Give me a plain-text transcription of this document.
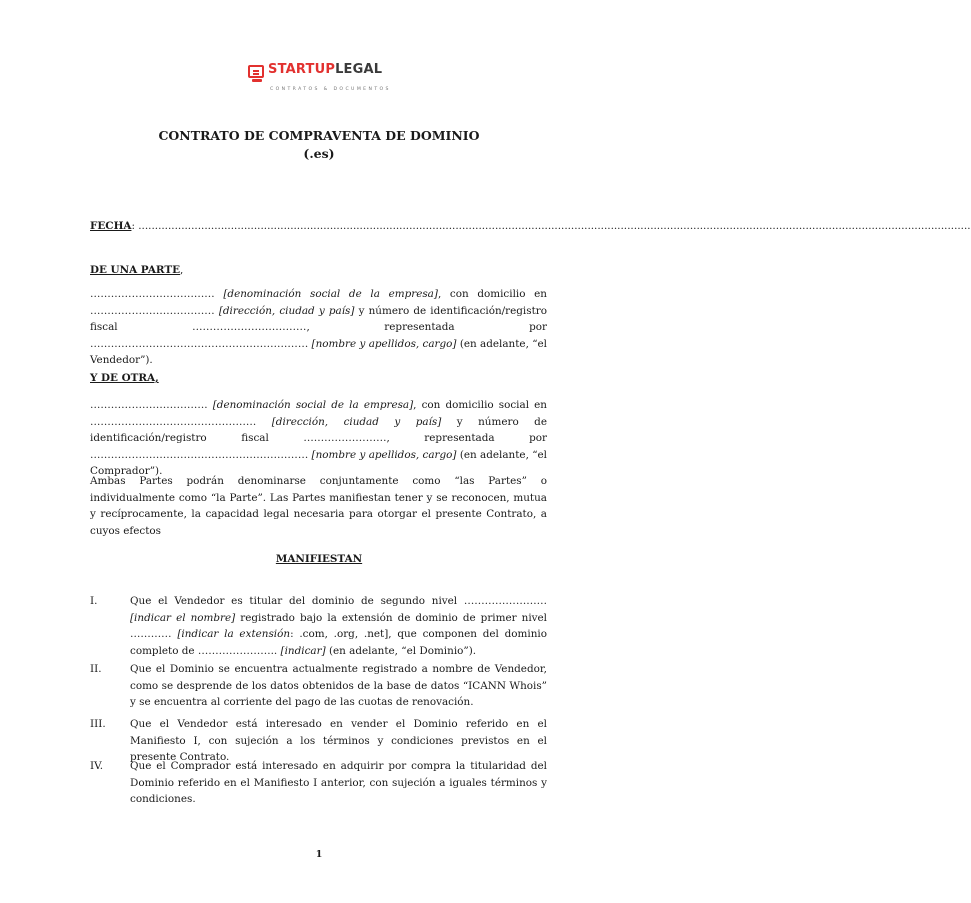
STARTUPLEGAL
CONTRATOS & DOCUMENTOS
CONTRATO DE COMPRAVENTA DE DOMINIO
(.es)
FECHA: ............................................................................................................................................................................................................................................................
DE UNA PARTE,
……………………………… [denominación social de la empresa], con domicilio en ……………………………… [dirección, ciudad y país] y número de identificación/registro fiscal ……………………………, representada por ……………………………………………………… [nombre y apellidos, cargo] (en adelante, “el Vendedor”).
Y DE OTRA,
……………………………. [denominación social de la empresa], con domicilio social en ………………………………………… [dirección, ciudad y país] y número de identificación/registro fiscal ……………………, representada por ……………………………………………………… [nombre y apellidos, cargo] (en adelante, “el Comprador”).
Ambas Partes podrán denominarse conjuntamente como “las Partes” o individualmente como “la Parte”. Las Partes manifiestan tener y se reconocen, mutua y recíprocamente, la capacidad legal necesaria para otorgar el presente Contrato, a cuyos efectos
MANIFIESTAN
I.	Que el Vendedor es titular del dominio de segundo nivel …………………… [indicar el nombre] registrado bajo la extensión de dominio de primer nivel ………… [indicar la extensión: .com, .org, .net], que componen del dominio completo de ………………….. [indicar] (en adelante, “el Dominio”).
II.	Que el Dominio se encuentra actualmente registrado a nombre de Vendedor, como se desprende de los datos obtenidos de la base de datos “ICANN Whois” y se encuentra al corriente del pago de las cuotas de renovación.
III. Que el Vendedor está interesado en vender el Dominio referido en el Manifiesto I, con sujeción a los términos y condiciones previstos en el presente Contrato.
IV.	Que el Comprador está interesado en adquirir por compra la titularidad del Dominio referido en el Manifiesto I anterior, con sujeción a iguales términos y condiciones.
1
